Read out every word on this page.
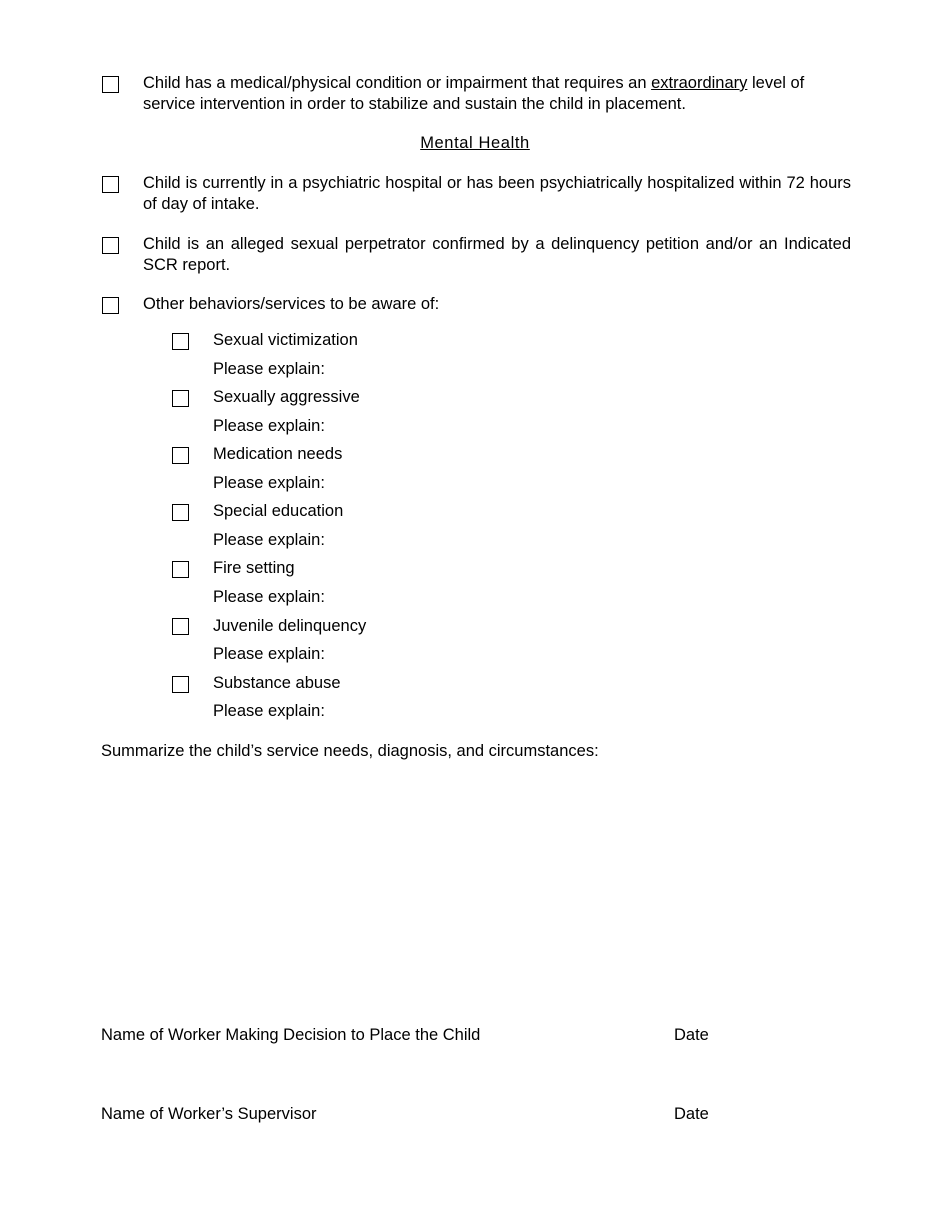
Child has a medical/physical condition or impairment that requires an extraordinary level of service intervention in order to stabilize and sustain the child in placement.
Mental Health
Child is currently in a psychiatric hospital or has been psychiatrically hospitalized within 72 hours of day of intake.
Child is an alleged sexual perpetrator confirmed by a delinquency petition and/or an Indicated SCR report.
Other behaviors/services to be aware of:
Sexual victimization
Please explain:
Sexually aggressive
Please explain:
Medication needs
Please explain:
Special education
Please explain:
Fire setting
Please explain:
Juvenile delinquency
Please explain:
Substance abuse
Please explain:
Summarize the child’s service needs, diagnosis, and circumstances:
Name of Worker Making Decision to Place the Child	Date
Name of Worker’s Supervisor	Date
